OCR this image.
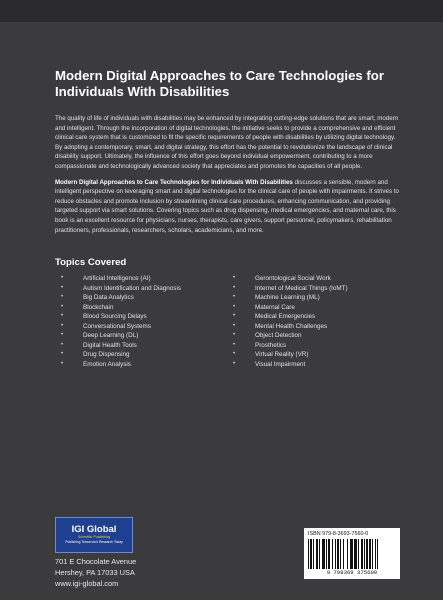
Modern Digital Approaches to Care Technologies for Individuals With Disabilities

The quality of life of individuals with disabilities may be enhanced by integrating cutting-edge solutions that are smart, modern and intelligent. Through the incorporation of digital technologies, the initiative seeks to provide a comprehensive and efficient clinical care system that is customized to fit the specific requirements of people with disabilities by utilizing digital technology. By adopting a contemporary, smart, and digital strategy, this effort has the potential to revolutionize the landscape of clinical disability support. Ultimately, the influence of this effort goes beyond individual empowerment, contributing to a more compassionate and technologically advanced society that appreciates and promotes the capacities of all people.

Modern Digital Approaches to Care Technologies for Individuals With Disabilities discusses a sensible, modern and intelligent perspective on leveraging smart and digital technologies for the clinical care of people with impairments. It strives to reduce obstacles and promote inclusion by streamlining clinical care procedures, enhancing communication, and providing targeted support via smart solutions. Covering topics such as drug dispensing, medical emergencies, and maternal care, this book is an excellent resource for physicians, nurses, therapists, care givers, support personnel, policymakers, rehabilitation practitioners, professionals, researchers, scholars, academicians, and more.

Topics Covered
• Artificial Intelligence (AI)
• Autism Identification and Diagnosis
• Big Data Analytics
• Blockchain
• Blood Sourcing Delays
• Conversational Systems
• Deep Learning (DL)
• Digital Health Tools
• Drug Dispensing
• Emotion Analysis
• Gerontological Social Work
• Internet of Medical Things (IoMT)
• Machine Learning (ML)
• Maternal Care
• Medical Emergencies
• Mental Health Challenges
• Object Detection
• Prosthetics
• Virtual Reality (VR)
• Visual Impairment
IGI Global
Scientific Publishing
Publishing Tomorrow's Research Today
701 E Chocolate Avenue
Hershey, PA 17033 USA
www.igi-global.com
ISBN 979-8-3693-7560-0
9 798369 375600
